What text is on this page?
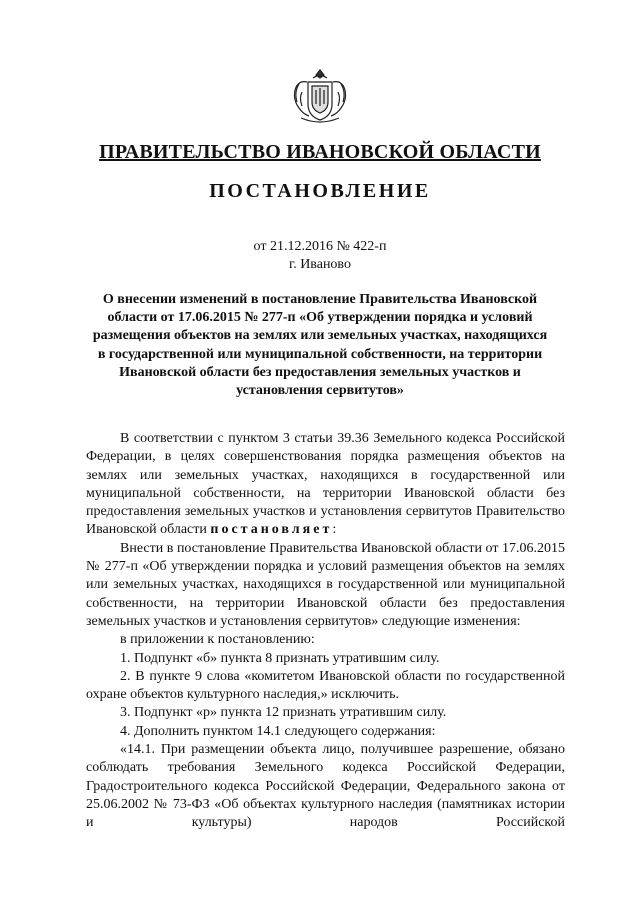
ПРАВИТЕЛЬСТВО ИВАНОВСКОЙ ОБЛАСТИ
ПОСТАНОВЛЕНИЕ
от 21.12.2016 № 422-п
г. Иваново
О внесении изменений в постановление Правительства Ивановской области от 17.06.2015 № 277-п «Об утверждении порядка и условий размещения объектов на землях или земельных участках, находящихся в государственной или муниципальной собственности, на территории Ивановской области без предоставления земельных участков и установления сервитутов»

В соответствии с пунктом 3 статьи 39.36 Земельного кодекса Российской Федерации, в целях совершенствования порядка размещения объектов на землях или земельных участках, находящихся в государственной или муниципальной собственности, на территории Ивановской области без предоставления земельных участков и установления сервитутов Правительство Ивановской области постановляет:

Внести в постановление Правительства Ивановской области от 17.06.2015 № 277-п «Об утверждении порядка и условий размещения объектов на землях или земельных участках, находящихся в государственной или муниципальной собственности, на территории Ивановской области без предоставления земельных участков и установления сервитутов» следующие изменения:

в приложении к постановлению:

1. Подпункт «б» пункта 8 признать утратившим силу.

2. В пункте 9 слова «комитетом Ивановской области по государственной охране объектов культурного наследия,» исключить.

3. Подпункт «р» пункта 12 признать утратившим силу.

4. Дополнить пунктом 14.1 следующего содержания:

«14.1. При размещении объекта лицо, получившее разрешение, обязано соблюдать требования Земельного кодекса Российской Федерации, Градостроительного кодекса Российской Федерации, Федерального закона от 25.06.2002 № 73-ФЗ «Об объектах культурного наследия (памятниках истории и культуры) народов Российской
